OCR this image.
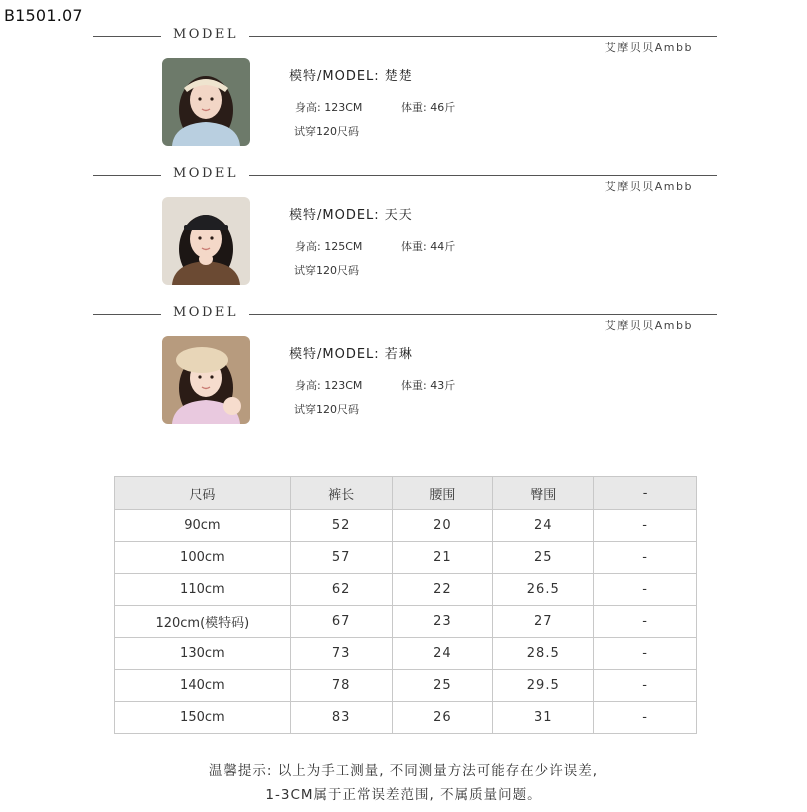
B1501.07
MODEL
艾摩贝贝Ambb
模特/MODEL: 楚楚
身高: 123CM	体重: 46斤
试穿120尺码
MODEL
艾摩贝贝Ambb
模特/MODEL: 天天
身高: 125CM	体重: 44斤
试穿120尺码
MODEL
艾摩贝贝Ambb
模特/MODEL: 若琳
身高: 123CM	体重: 43斤
试穿120尺码
尺码	裤长	腰围	臀围	-
90cm	52	20	24	-
100cm	57	21	25	-
110cm	62	22	26.5	-
120cm(模特码)	67	23	27	-
130cm	73	24	28.5	-
140cm	78	25	29.5	-
150cm	83	26	31	-
温馨提示: 以上为手工测量, 不同测量方法可能存在少许误差,
1-3CM属于正常误差范围, 不属质量问题。
